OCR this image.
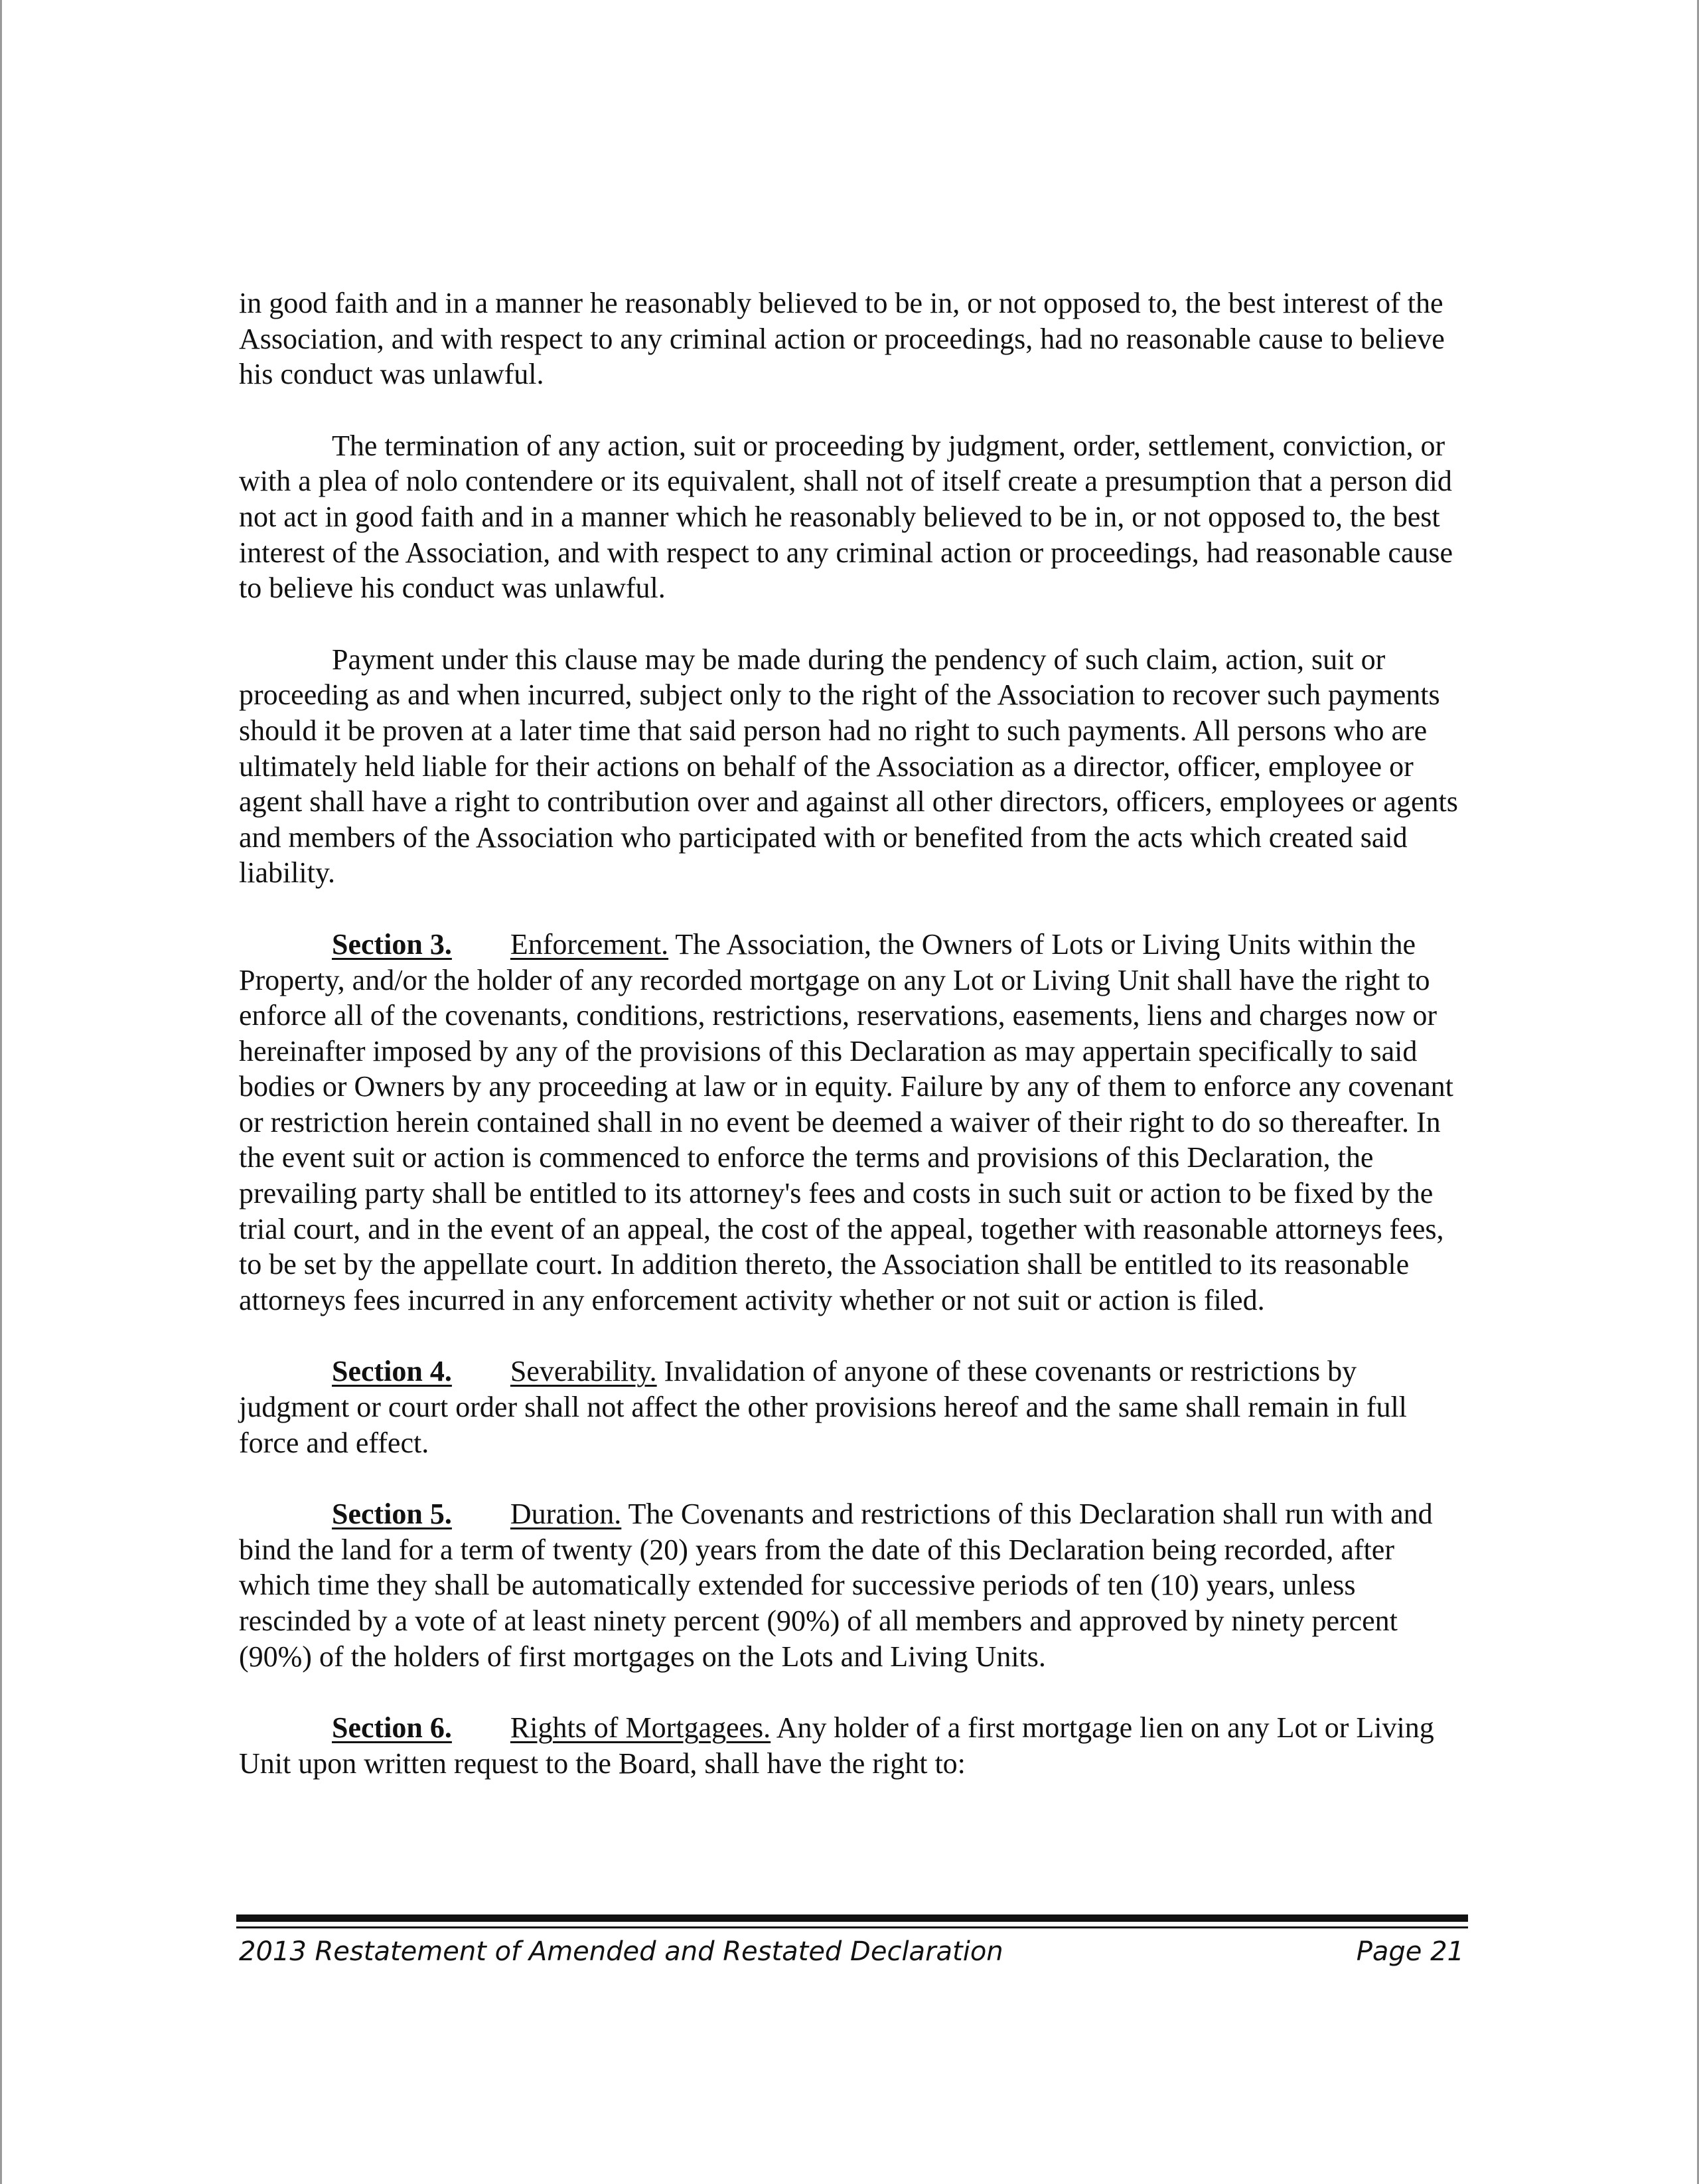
in good faith and in a manner he reasonably believed to be in, or not opposed to, the best interest of the Association, and with respect to any criminal action or proceedings, had no reasonable cause to believe his conduct was unlawful.

The termination of any action, suit or proceeding by judgment, order, settlement, conviction, or with a plea of nolo contendere or its equivalent, shall not of itself create a presumption that a person did not act in good faith and in a manner which he reasonably believed to be in, or not opposed to, the best interest of the Association, and with respect to any criminal action or proceedings, had reasonable cause to believe his conduct was unlawful.

Payment under this clause may be made during the pendency of such claim, action, suit or proceeding as and when incurred, subject only to the right of the Association to recover such payments should it be proven at a later time that said person had no right to such payments. All persons who are ultimately held liable for their actions on behalf of the Association as a director, officer, employee or agent shall have a right to contribution over and against all other directors, officers, employees or agents and members of the Association who participated with or benefited from the acts which created said liability.

Section 3. Enforcement. The Association, the Owners of Lots or Living Units within the Property, and/or the holder of any recorded mortgage on any Lot or Living Unit shall have the right to enforce all of the covenants, conditions, restrictions, reservations, easements, liens and charges now or hereinafter imposed by any of the provisions of this Declaration as may appertain specifically to said bodies or Owners by any proceeding at law or in equity. Failure by any of them to enforce any covenant or restriction herein contained shall in no event be deemed a waiver of their right to do so thereafter. In the event suit or action is commenced to enforce the terms and provisions of this Declaration, the prevailing party shall be entitled to its attorney's fees and costs in such suit or action to be fixed by the trial court, and in the event of an appeal, the cost of the appeal, together with reasonable attorneys fees, to be set by the appellate court. In addition thereto, the Association shall be entitled to its reasonable attorneys fees incurred in any enforcement activity whether or not suit or action is filed.

Section 4. Severability. Invalidation of anyone of these covenants or restrictions by judgment or court order shall not affect the other provisions hereof and the same shall remain in full force and effect.

Section 5. Duration. The Covenants and restrictions of this Declaration shall run with and bind the land for a term of twenty (20) years from the date of this Declaration being recorded, after which time they shall be automatically extended for successive periods of ten (10) years, unless rescinded by a vote of at least ninety percent (90%) of all members and approved by ninety percent (90%) of the holders of first mortgages on the Lots and Living Units.

Section 6. Rights of Mortgagees. Any holder of a first mortgage lien on any Lot or Living Unit upon written request to the Board, shall have the right to:

2013 Restatement of Amended and Restated Declaration	Page 21
